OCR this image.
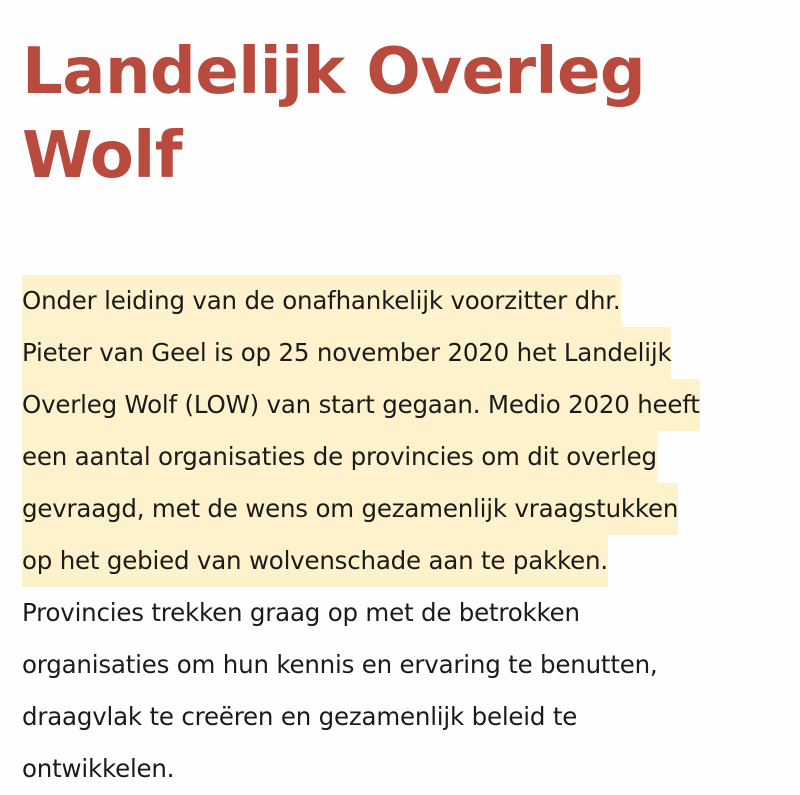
Landelijk Overleg
Wolf
Onder leiding van de onafhankelijk voorzitter dhr.
Pieter van Geel is op 25 november 2020 het Landelijk
Overleg Wolf (LOW) van start gegaan. Medio 2020 heeft
een aantal organisaties de provincies om dit overleg
gevraagd, met de wens om gezamenlijk vraagstukken
op het gebied van wolvenschade aan te pakken.
Provincies trekken graag op met de betrokken
organisaties om hun kennis en ervaring te benutten,
draagvlak te creëren en gezamenlijk beleid te
ontwikkelen.
